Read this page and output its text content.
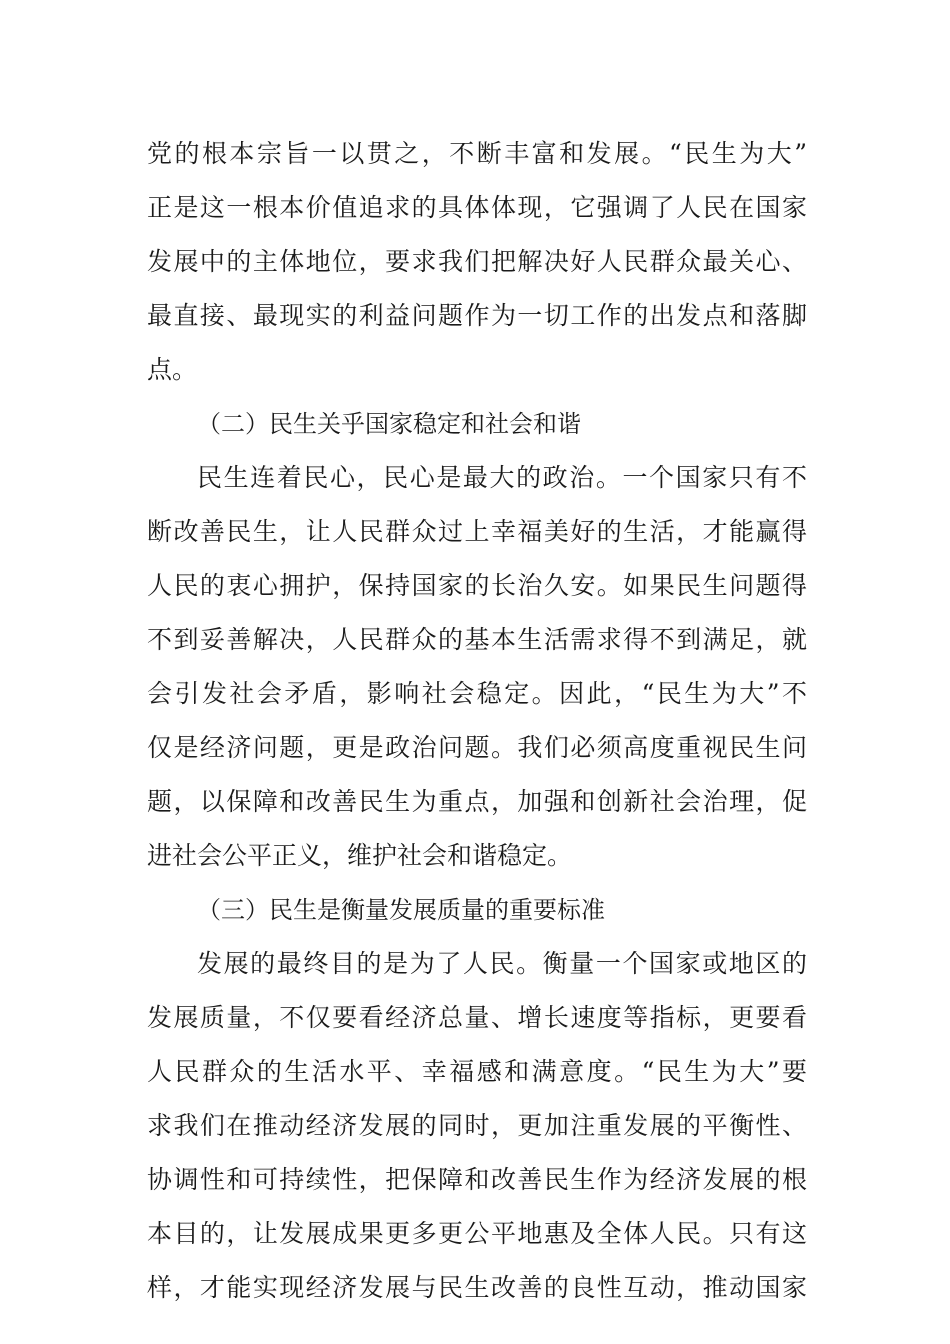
党的根本宗旨一以贯之，不断丰富和发展。“民生为大”
正是这一根本价值追求的具体体现，它强调了人民在国家
发展中的主体地位，要求我们把解决好人民群众最关心、
最直接、最现实的利益问题作为一切工作的出发点和落脚
点。
（二）民生关乎国家稳定和社会和谐
民生连着民心，民心是最大的政治。一个国家只有不
断改善民生，让人民群众过上幸福美好的生活，才能赢得
人民的衷心拥护，保持国家的长治久安。如果民生问题得
不到妥善解决，人民群众的基本生活需求得不到满足，就
会引发社会矛盾，影响社会稳定。因此，“民生为大”不
仅是经济问题，更是政治问题。我们必须高度重视民生问
题，以保障和改善民生为重点，加强和创新社会治理，促
进社会公平正义，维护社会和谐稳定。
（三）民生是衡量发展质量的重要标准
发展的最终目的是为了人民。衡量一个国家或地区的
发展质量，不仅要看经济总量、增长速度等指标，更要看
人民群众的生活水平、幸福感和满意度。“民生为大”要
求我们在推动经济发展的同时，更加注重发展的平衡性、
协调性和可持续性，把保障和改善民生作为经济发展的根
本目的，让发展成果更多更公平地惠及全体人民。只有这
样，才能实现经济发展与民生改善的良性互动，推动国家
